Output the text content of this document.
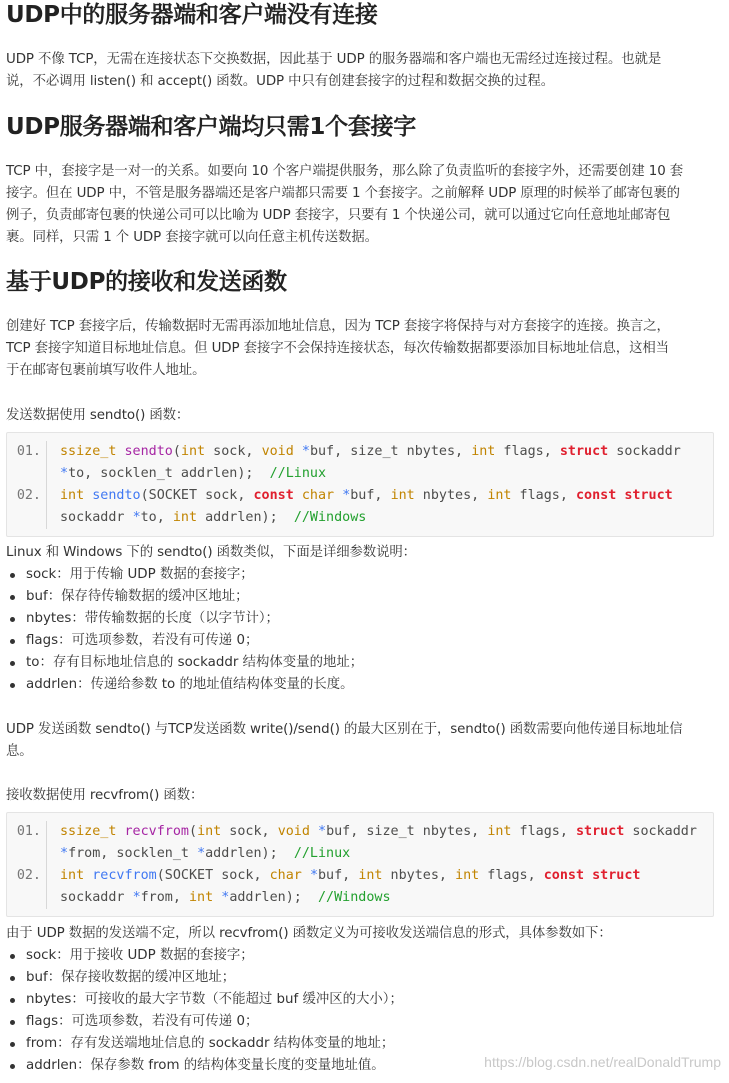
UDP中的服务器端和客户端没有连接

UDP 不像 TCP，无需在连接状态下交换数据，因此基于 UDP 的服务器端和客户端也无需经过连接过程。也就是

说，不必调用 listen() 和 accept() 函数。UDP 中只有创建套接字的过程和数据交换的过程。

UDP服务器端和客户端均只需1个套接字

TCP 中，套接字是一对一的关系。如要向 10 个客户端提供服务，那么除了负责监听的套接字外，还需要创建 10 套

接字。但在 UDP 中，不管是服务器端还是客户端都只需要 1 个套接字。之前解释 UDP 原理的时候举了邮寄包裹的

例子，负责邮寄包裹的快递公司可以比喻为 UDP 套接字，只要有 1 个快递公司，就可以通过它向任意地址邮寄包

裹。同样，只需 1 个 UDP 套接字就可以向任意主机传送数据。

基于UDP的接收和发送函数

创建好 TCP 套接字后，传输数据时无需再添加地址信息，因为 TCP 套接字将保持与对方套接字的连接。换言之，

TCP 套接字知道目标地址信息。但 UDP 套接字不会保持连接状态，每次传输数据都要添加目标地址信息，这相当

于在邮寄包裹前填写收件人地址。

发送数据使用 sendto() 函数：

01.	ssize_t sendto(int sock, void *buf, size_t nbytes, int flags, struct sockaddr *to, socklen_t addrlen);  //Linux
02.	int sendto(SOCKET sock, const char *buf, int nbytes, int flags, const struct sockaddr *to, int addrlen);  //Windows

Linux 和 Windows 下的 sendto() 函数类似，下面是详细参数说明：

sock：用于传输 UDP 数据的套接字；
buf：保存待传输数据的缓冲区地址；
nbytes：带传输数据的长度（以字节计）；
flags：可选项参数，若没有可传递 0；
to：存有目标地址信息的 sockaddr 结构体变量的地址；
addrlen：传递给参数 to 的地址值结构体变量的长度。

UDP 发送函数 sendto() 与TCP发送函数 write()/send() 的最大区别在于，sendto() 函数需要向他传递目标地址信

息。

接收数据使用 recvfrom() 函数：

01.	ssize_t recvfrom(int sock, void *buf, size_t nbytes, int flags, struct sockaddr *from, socklen_t *addrlen);  //Linux
02.	int recvfrom(SOCKET sock, char *buf, int nbytes, int flags, const struct sockaddr *from, int *addrlen);  //Windows

由于 UDP 数据的发送端不定，所以 recvfrom() 函数定义为可接收发送端信息的形式，具体参数如下：

sock：用于接收 UDP 数据的套接字；
buf：保存接收数据的缓冲区地址；
nbytes：可接收的最大字节数（不能超过 buf 缓冲区的大小）；
flags：可选项参数，若没有可传递 0；
from：存有发送端地址信息的 sockaddr 结构体变量的地址；
addrlen：保存参数 from 的结构体变量长度的变量地址值。	https://blog.csdn.net/realDonaldTrump
